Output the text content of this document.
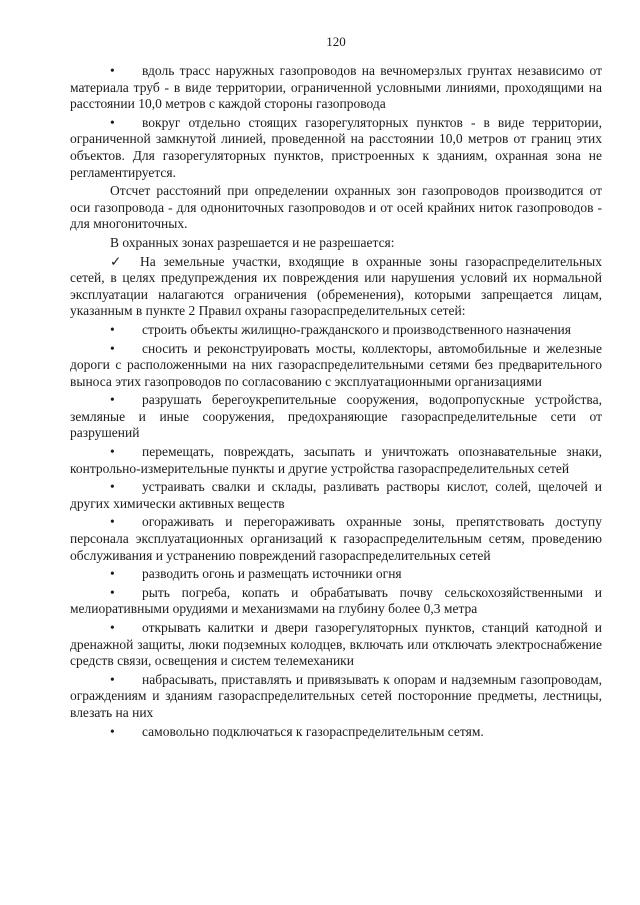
120
• вдоль трасс наружных газопроводов на вечномерзлых грунтах независимо от материала труб - в виде территории, ограниченной условными линиями, проходящими на расстоянии 10,0 метров с каждой стороны газопровода
• вокруг отдельно стоящих газорегуляторных пунктов - в виде территории, ограниченной замкнутой линией, проведенной на расстоянии 10,0 метров от границ этих объектов. Для газорегуляторных пунктов, пристроенных к зданиям, охранная зона не регламентируется.
Отсчет расстояний при определении охранных зон газопроводов производится от оси газопровода - для однониточных газопроводов и от осей крайних ниток газопроводов - для многониточных.
В охранных зонах разрешается и не разрешается:
✓ На земельные участки, входящие в охранные зоны газораспределительных сетей, в целях предупреждения их повреждения или нарушения условий их нормальной эксплуатации налагаются ограничения (обременения), которыми запрещается лицам, указанным в пункте 2 Правил охраны газораспределительных сетей:
• строить объекты жилищно-гражданского и производственного назначения
• сносить и реконструировать мосты, коллекторы, автомобильные и железные дороги с расположенными на них газораспределительными сетями без предварительного выноса этих газопроводов по согласованию с эксплуатационными организациями
• разрушать берегоукрепительные сооружения, водопропускные устройства, земляные и иные сооружения, предохраняющие газораспределительные сети от разрушений
• перемещать, повреждать, засыпать и уничтожать опознавательные знаки, контрольно-измерительные пункты и другие устройства газораспределительных сетей
• устраивать свалки и склады, разливать растворы кислот, солей, щелочей и других химически активных веществ
• огораживать и перегораживать охранные зоны, препятствовать доступу персонала эксплуатационных организаций к газораспределительным сетям, проведению обслуживания и устранению повреждений газораспределительных сетей
• разводить огонь и размещать источники огня
• рыть погреба, копать и обрабатывать почву сельскохозяйственными и мелиоративными орудиями и механизмами на глубину более 0,3 метра
• открывать калитки и двери газорегуляторных пунктов, станций катодной и дренажной защиты, люки подземных колодцев, включать или отключать электроснабжение средств связи, освещения и систем телемеханики
• набрасывать, приставлять и привязывать к опорам и надземным газопроводам, ограждениям и зданиям газораспределительных сетей посторонние предметы, лестницы, влезать на них
• самовольно подключаться к газораспределительным сетям.
